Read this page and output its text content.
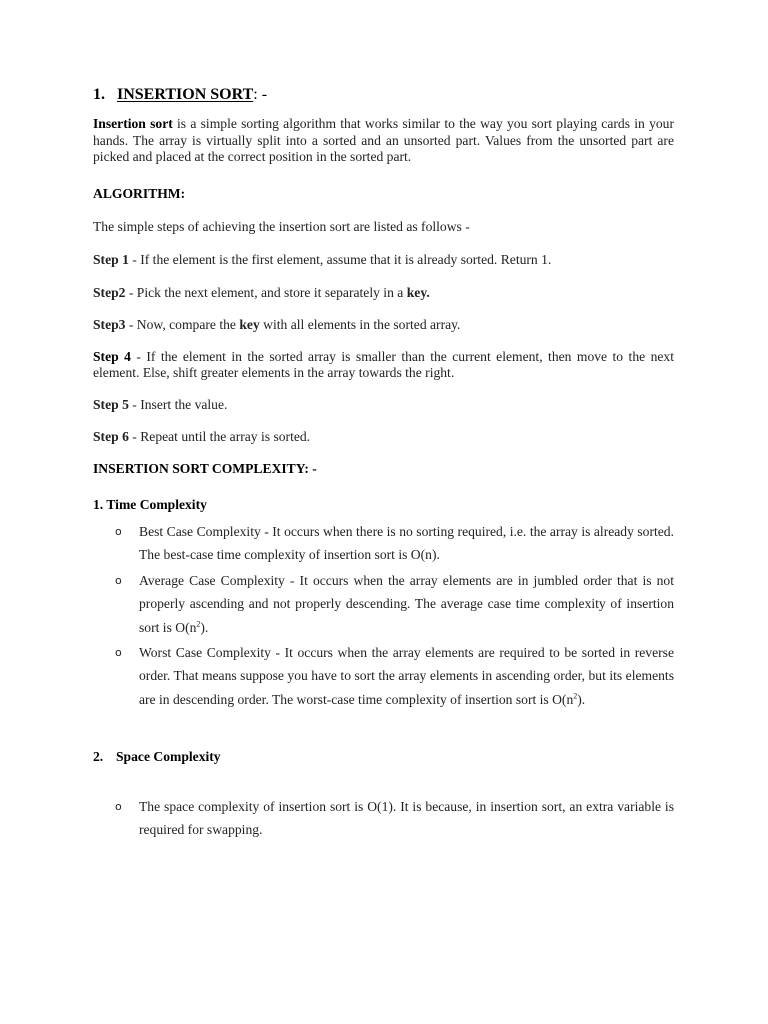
1. INSERTION SORT: -

Insertion sort is a simple sorting algorithm that works similar to the way you sort playing cards in your hands. The array is virtually split into a sorted and an unsorted part. Values from the unsorted part are picked and placed at the correct position in the sorted part.

ALGORITHM:

The simple steps of achieving the insertion sort are listed as follows -

Step 1 - If the element is the first element, assume that it is already sorted. Return 1.

Step2 - Pick the next element, and store it separately in a key.

Step3 - Now, compare the key with all elements in the sorted array.

Step 4 - If the element in the sorted array is smaller than the current element, then move to the next element. Else, shift greater elements in the array towards the right.

Step 5 - Insert the value.

Step 6 - Repeat until the array is sorted.

INSERTION SORT COMPLEXITY: -
1. Time Complexity
o Best Case Complexity - It occurs when there is no sorting required, i.e. the array is already sorted. The best-case time complexity of insertion sort is O(n).

o Average Case Complexity - It occurs when the array elements are in jumbled order that is not properly ascending and not properly descending. The average case time complexity of insertion sort is $O(n^2)$.

o Worst Case Complexity - It occurs when the array elements are required to be sorted in reverse order. That means suppose you have to sort the array elements in ascending order, but its elements are in descending order. The worst-case time complexity of insertion sort is $O(n^2)$.

2. Space Complexity
o The space complexity of insertion sort is O(1). It is because, in insertion sort, an extra variable is required for swapping.
